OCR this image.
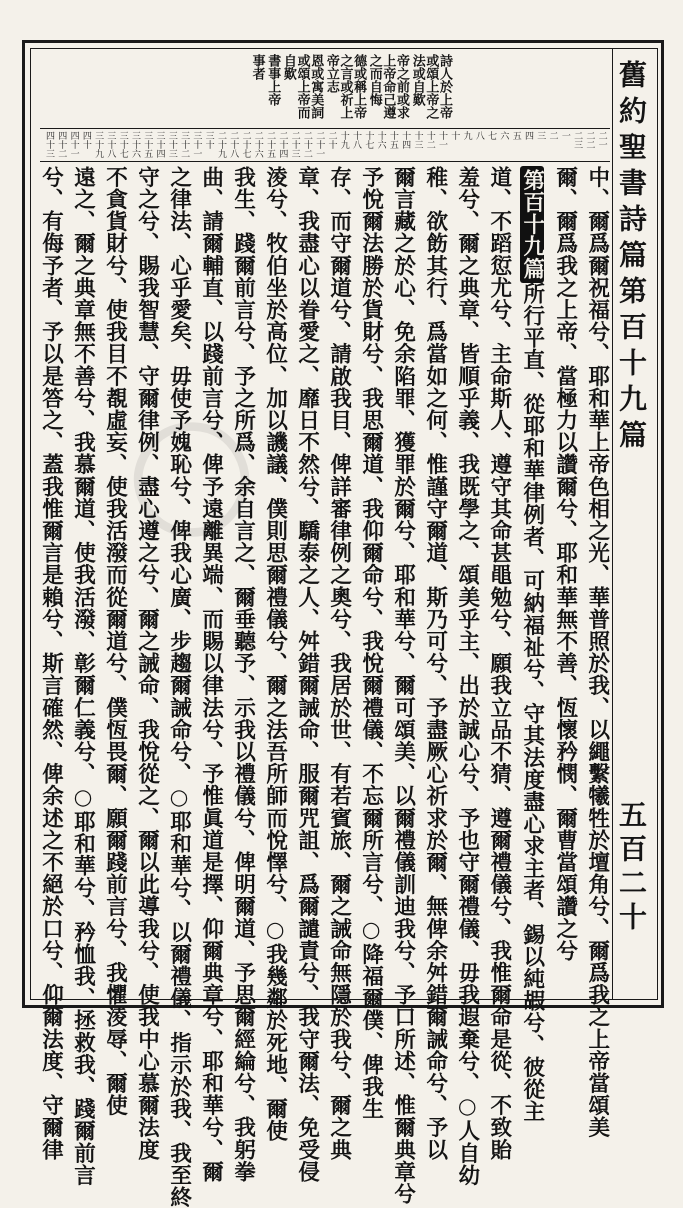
○
舊約聖書詩篇第百十九篇
五百二十
詩人於上帝或頌上帝之法或自歎
帝之前或求上帝命己遵之而自悔
德或稱上帝之言或祈上帝立志
恩或寓美詞或頌上帝而自歎
書事上帝
事者
二一
二二
二三
一
二
三
四
五
六
七
八
九
十
十一
十二
十三
十四
十五
十六
十七
十八
十九
二十
二十一
二十二
二十三
二十四
二十五
二十六
二十七
二十八
二十九
三十
三十一
三十二
三十三
三十四
三十五
三十六
三十七
三十八
三十九
四十
四十一
四十二
四十三
中、爾爲爾祝福兮、耶和華上帝色相之光、華普照於我、以繩繫犧牲於壇角兮、爾爲我之上帝當頌美
爾、爾爲我之上帝、當極力以讚爾兮、耶和華無不善、恆懷矜憫、爾曹當頌讚之兮
第百十九篇所行平直、從耶和華律例者、可納福祉兮、守其法度盡心求主者、錫以純嘏兮、彼從主
道、不蹈愆尤兮、主命斯人、遵守其命甚黽勉兮、願我立品不猜、遵爾禮儀兮、我惟爾命是從、不致貽
羞兮、爾之典章、皆順乎義、我既學之、頌美乎主、出於誠心兮、予也守爾禮儀、毋我遐棄兮、○人自幼
稚、欲飭其行、爲當如之何、惟謹守爾道、斯乃可兮、予盡厥心祈求於爾、無俾余舛錯爾誡命兮、予以
爾言藏之於心、免余陷罪、獲罪於爾兮、耶和華兮、爾可頌美、以爾禮儀訓迪我兮、予口所述、惟爾典章兮
予悅爾法勝於貨財兮、我思爾道、我仰爾命兮、我悅爾禮儀、不忘爾所言兮、○降福爾僕、俾我生
存、而守爾道兮、請啟我目、俾詳審律例之奧兮、我居於世、有若賓旅、爾之誡命無隱於我兮、爾之典
章、我盡心以眷愛之、靡日不然兮、驕泰之人、舛錯爾誡命、服爾咒詛、爲爾譴責兮、我守爾法、免受侵
淩兮、牧伯坐於高位、加以譏議、僕則思爾禮儀兮、爾之法吾所師而悅懌兮、○我幾鄰於死地、爾使
我生、踐爾前言兮、予之所爲、余自言之、爾垂聽予、示我以禮儀兮、俾明爾道、予思爾經綸兮、我躬拳
曲、請爾輔直、以踐前言兮、俾予遠離異端、而賜以律法兮、予惟眞道是擇、仰爾典章兮、耶和華兮、爾
之律法、心乎愛矣、毋使予媿恥兮、俾我心廣、步趨爾誡命兮、○耶和華兮、以爾禮儀、指示於我、我至終
守之兮、賜我智慧、守爾律例、盡心遵之兮、爾之誡命、我悅從之、爾以此導我兮、使我中心慕爾法度
不貪貨財兮、使我目不覩虛妄、使我活潑而從爾道兮、僕恆畏爾、願爾踐前言兮、我懼淩辱、爾使
遠之、爾之典章無不善兮、我慕爾道、使我活潑、彰爾仁義兮、○耶和華兮、矜恤我、拯救我、踐爾前言
兮、有侮予者、予以是答之、蓋我惟爾言是賴兮、斯言確然、俾余述之不絕於口兮、仰爾法度、守爾律
